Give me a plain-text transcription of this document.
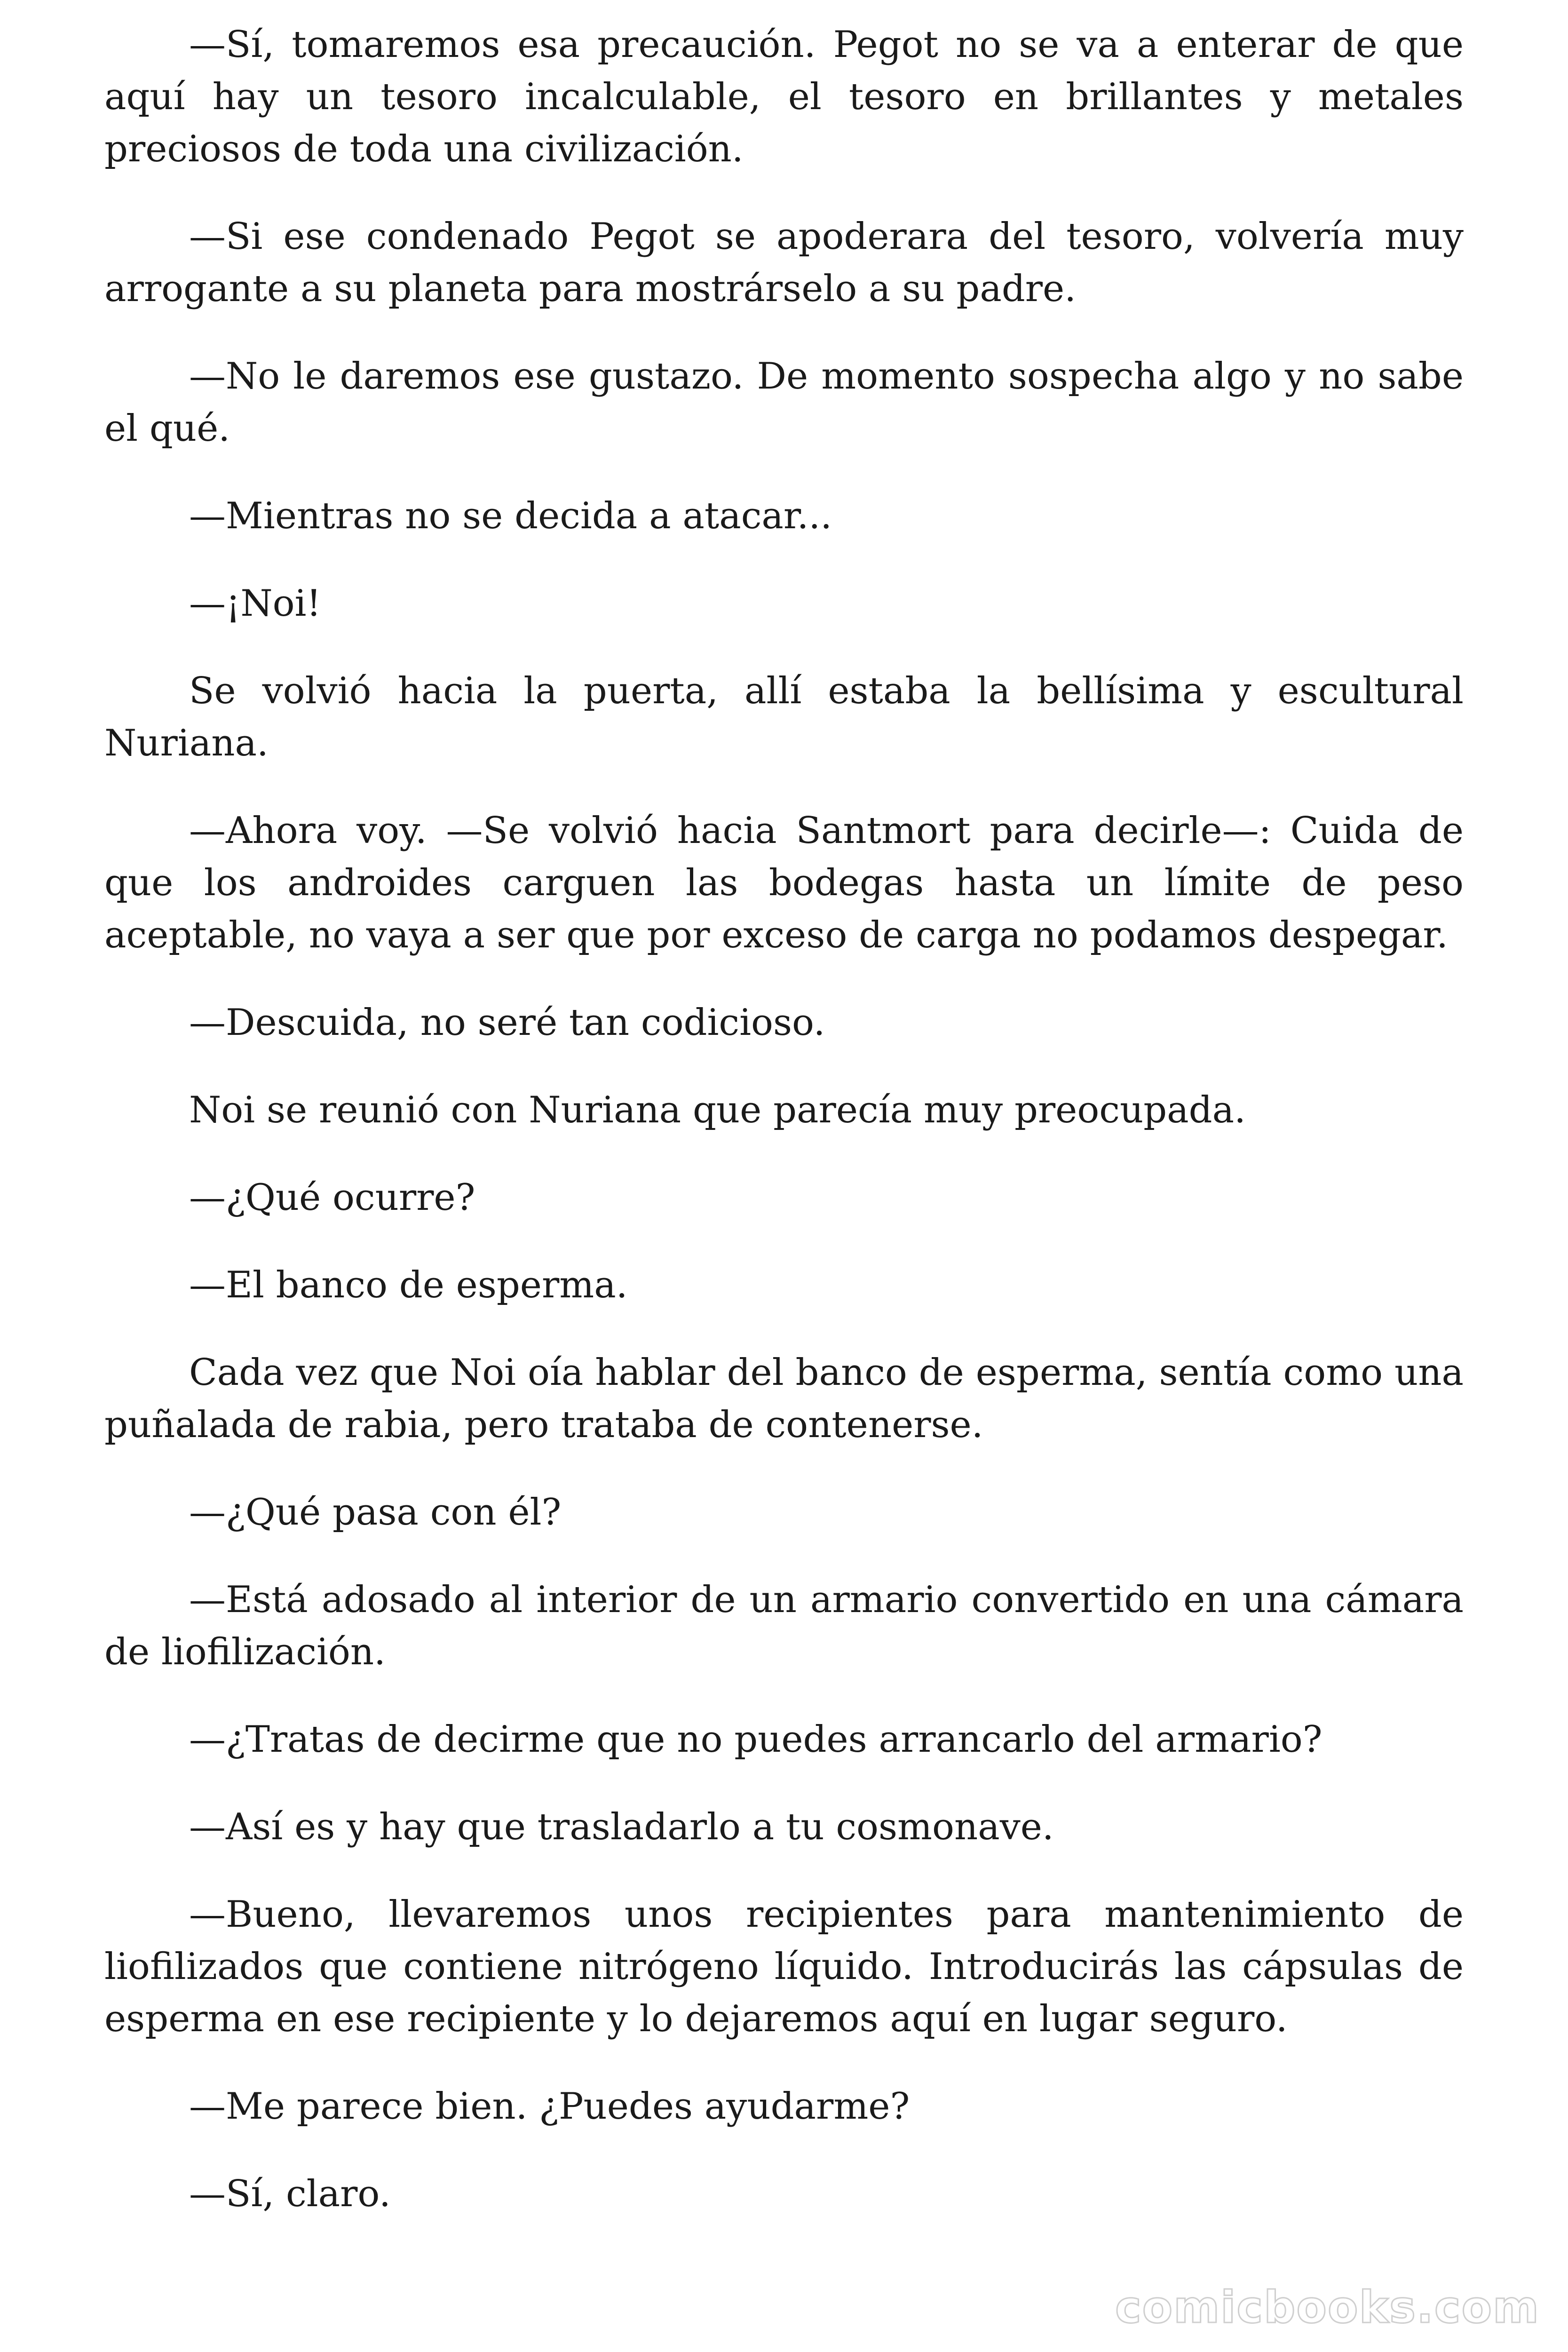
—Sí, tomaremos esa precaución. Pegot no se va a enterar de que aquí hay un tesoro incalculable, el tesoro en brillantes y metales preciosos de toda una civilización.

—Si ese condenado Pegot se apoderara del tesoro, volvería muy arrogante a su planeta para mostrárselo a su padre.

—No le daremos ese gustazo. De momento sospecha algo y no sabe el qué.

—Mientras no se decida a atacar...

—¡Noi!

Se volvió hacia la puerta, allí estaba la bellísima y escultural Nuriana.

—Ahora voy. —Se volvió hacia Santmort para decirle—: Cuida de que los androides carguen las bodegas hasta un límite de peso aceptable, no vaya a ser que por exceso de carga no podamos despegar.

—Descuida, no seré tan codicioso.

Noi se reunió con Nuriana que parecía muy preocupada.

—¿Qué ocurre?

—El banco de esperma.

Cada vez que Noi oía hablar del banco de esperma, sentía como una puñalada de rabia, pero trataba de contenerse.

—¿Qué pasa con él?

—Está adosado al interior de un armario convertido en una cámara de liofilización.

—¿Tratas de decirme que no puedes arrancarlo del armario?

—Así es y hay que trasladarlo a tu cosmonave.

—Bueno, llevaremos unos recipientes para mantenimiento de liofilizados que contiene nitrógeno líquido. Introducirás las cápsulas de esperma en ese recipiente y lo dejaremos aquí en lugar seguro.

—Me parece bien. ¿Puedes ayudarme?

—Sí, claro.

comicbooks.com
